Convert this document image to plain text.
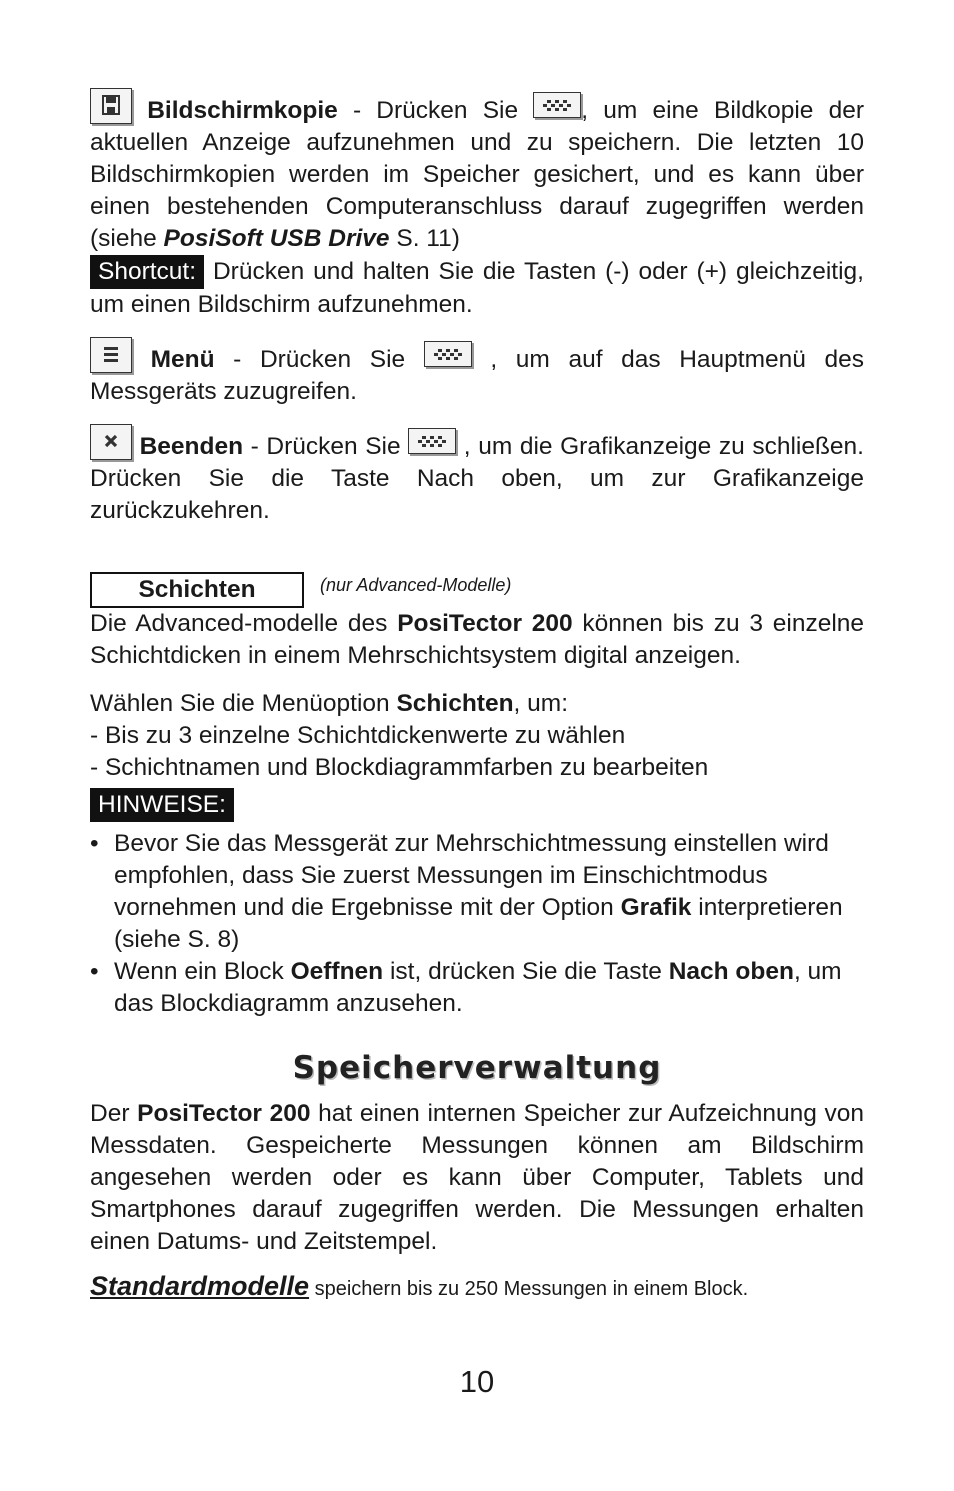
Bildschirmkopie - Drücken Sie
, um eine Bildkopie der aktuellen Anzeige aufzunehmen und zu speichern. Die letzten 10 Bildschirmkopien werden im Speicher gesichert, und es kann über einen bestehenden Computeranschluss darauf zugegriffen werden (siehe PosiSoft USB Drive S. 11)

Shortcut: Drücken und halten Sie die Tasten (-) oder (+) gleichzeitig, um einen Bildschirm aufzunehmen.

Menü - Drücken Sie
, um auf das Hauptmenü des Messgeräts zuzugreifen.

Beenden - Drücken Sie
, um die Grafikanzeige zu schließen. Drücken Sie die Taste Nach oben, um zur Grafikanzeige zurückzukehren.

Schichten	$^{(nur Advanced-Modelle)}$

Die Advanced-modelle des PosiTector 200 können bis zu 3 einzelne Schichtdicken in einem Mehrschichtsystem digital anzeigen.

Wählen Sie die Menüoption Schichten, um:

- Bis zu 3 einzelne Schichtdickenwerte zu wählen

- Schichtnamen und Blockdiagrammfarben zu bearbeiten

HINWEISE:
• Bevor Sie das Messgerät zur Mehrschichtmessung einstellen wird empfohlen, dass Sie zuerst Messungen im Einschichtmodus vornehmen und die Ergebnisse mit der Option Grafik interpretieren (siehe S. 8)
• Wenn ein Block Oeffnen ist, drücken Sie die Taste Nach oben, um das Blockdiagramm anzusehen.
Speicherverwaltung

Der PosiTector 200 hat einen internen Speicher zur Aufzeichnung von Messdaten. Gespeicherte Messungen können am Bildschirm angesehen werden oder es kann über Computer, Tablets und Smartphones darauf zugegriffen werden. Die Messungen erhalten einen Datums- und Zeitstempel.

Standardmodelle speichern bis zu 250 Messungen in einem Block.

10
